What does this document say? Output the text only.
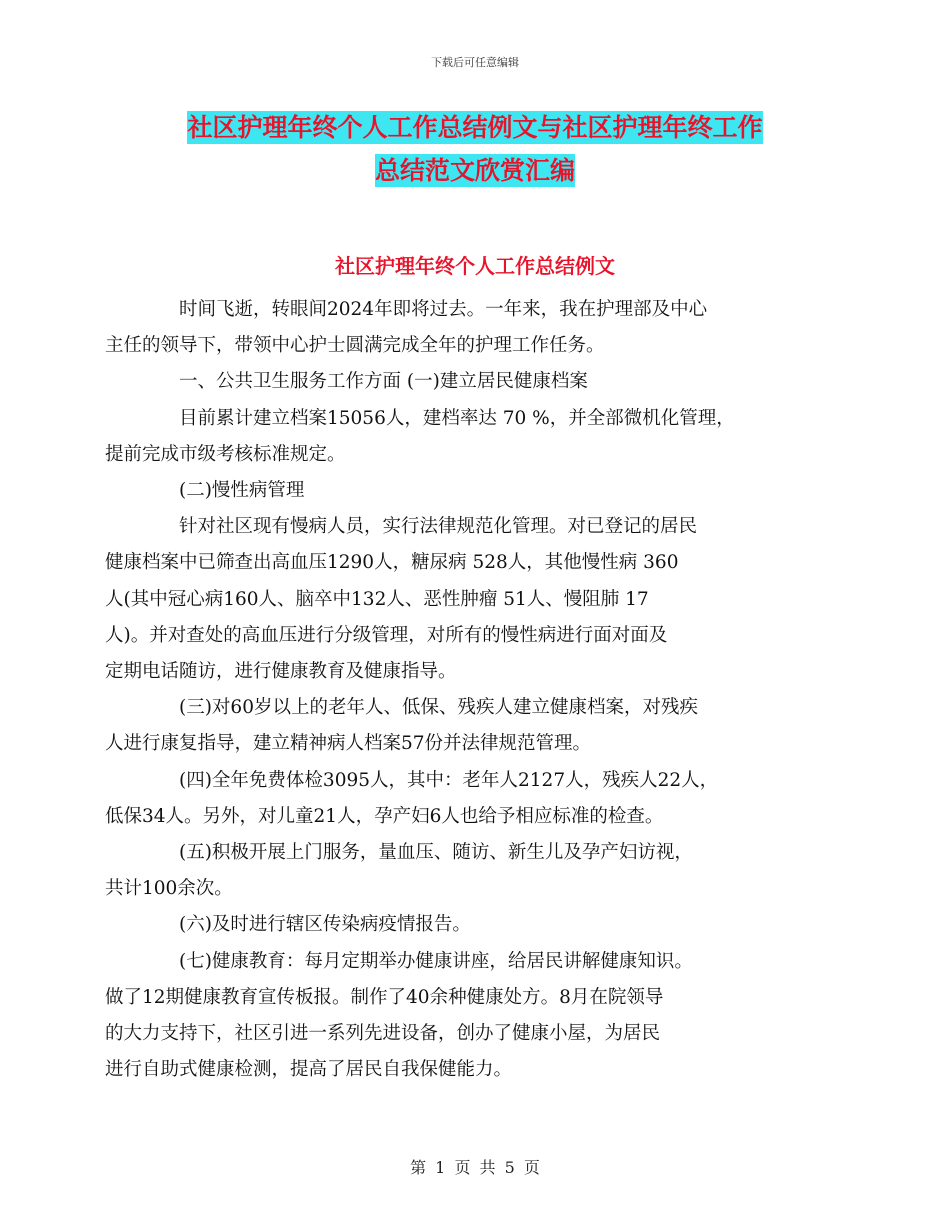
下载后可任意编辑
社区护理年终个人工作总结例文与社区护理年终工作
总结范文欣赏汇编
社区护理年终个人工作总结例文

时间飞逝，转眼间2024年即将过去。一年来，我在护理部及中心
主任的领导下，带领中心护士圆满完成全年的护理工作任务。

一、公共卫生服务工作方面 (一)建立居民健康档案

目前累计建立档案15056人，建档率达 70 %，并全部微机化管理，
提前完成市级考核标准规定。

(二)慢性病管理

针对社区现有慢病人员，实行法律规范化管理。对已登记的居民
健康档案中已筛查出高血压1290人，糖尿病 528人，其他慢性病 360
人(其中冠心病160人、脑卒中132人、恶性肿瘤 51人、慢阻肺 17
人)。并对查处的高血压进行分级管理，对所有的慢性病进行面对面及
定期电话随访，进行健康教育及健康指导。

(三)对60岁以上的老年人、低保、残疾人建立健康档案，对残疾
人进行康复指导，建立精神病人档案57份并法律规范管理。

(四)全年免费体检3095人，其中：老年人2127人，残疾人22人，
低保34人。另外，对儿童21人，孕产妇6人也给予相应标准的检查。

(五)积极开展上门服务，量血压、随访、新生儿及孕产妇访视，
共计100余次。

(六)及时进行辖区传染病疫情报告。

(七)健康教育：每月定期举办健康讲座，给居民讲解健康知识。
做了12期健康教育宣传板报。制作了40余种健康处方。8月在院领导
的大力支持下，社区引进一系列先进设备，创办了健康小屋，为居民
进行自助式健康检测，提高了居民自我保健能力。

第 1 页 共 5 页
